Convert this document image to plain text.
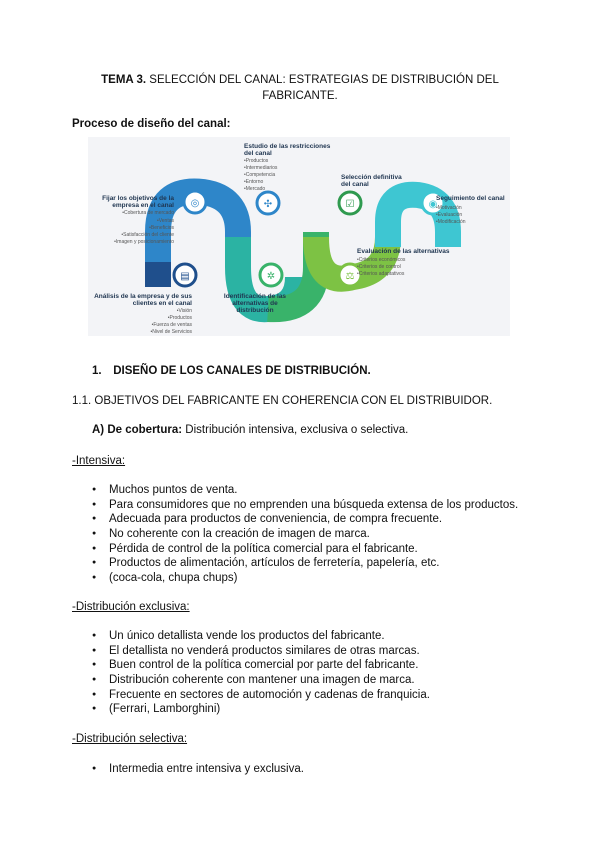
TEMA 3. SELECCIÓN DEL CANAL: ESTRATEGIAS DE DISTRIBUCIÓN DEL
FABRICANTE.
Proceso de diseño del canal:
◎
▤
✣
✲
☑
⚖
◉
Fijar los objetivos de la
empresa en el canal
•Cobertura de mercado
•Ventas
•Beneficios
•Satisfacción del cliente
•Imagen y posicionamiento
Análisis de la empresa y de sus
clientes en el canal
•Visión
•Productos
•Fuerza de ventas
•Nivel de Servicios
Estudio de las restricciones
del canal
•Productos
•Intermediarios
•Competencia
•Entorno
•Mercado
Identificación de las
alternativas de
distribución
Selección definitiva
del canal
Evaluación de las alternativas
•Criterios económicos
•Criterios de control
•Criterios adaptativos
Seguimiento del canal
•Motivación
•Evaluación
•Modificación
1. DISEÑO DE LOS CANALES DE DISTRIBUCIÓN.
1.1. OBJETIVOS DEL FABRICANTE EN COHERENCIA CON EL DISTRIBUIDOR.
A) De cobertura: Distribución intensiva, exclusiva o selectiva.
-Intensiva:
● Muchos puntos de venta.
● Para consumidores que no emprenden una búsqueda extensa de los productos.
● Adecuada para productos de conveniencia, de compra frecuente.
● No coherente con la creación de imagen de marca.
● Pérdida de control de la política comercial para el fabricante.
● Productos de alimentación, artículos de ferretería, papelería, etc.
● (coca-cola, chupa chups)
-Distribución exclusiva:
● Un único detallista vende los productos del fabricante.
● El detallista no venderá productos similares de otras marcas.
● Buen control de la política comercial por parte del fabricante.
● Distribución coherente con mantener una imagen de marca.
● Frecuente en sectores de automoción y cadenas de franquicia.
● (Ferrari, Lamborghini)
-Distribución selectiva:
● Intermedia entre intensiva y exclusiva.
